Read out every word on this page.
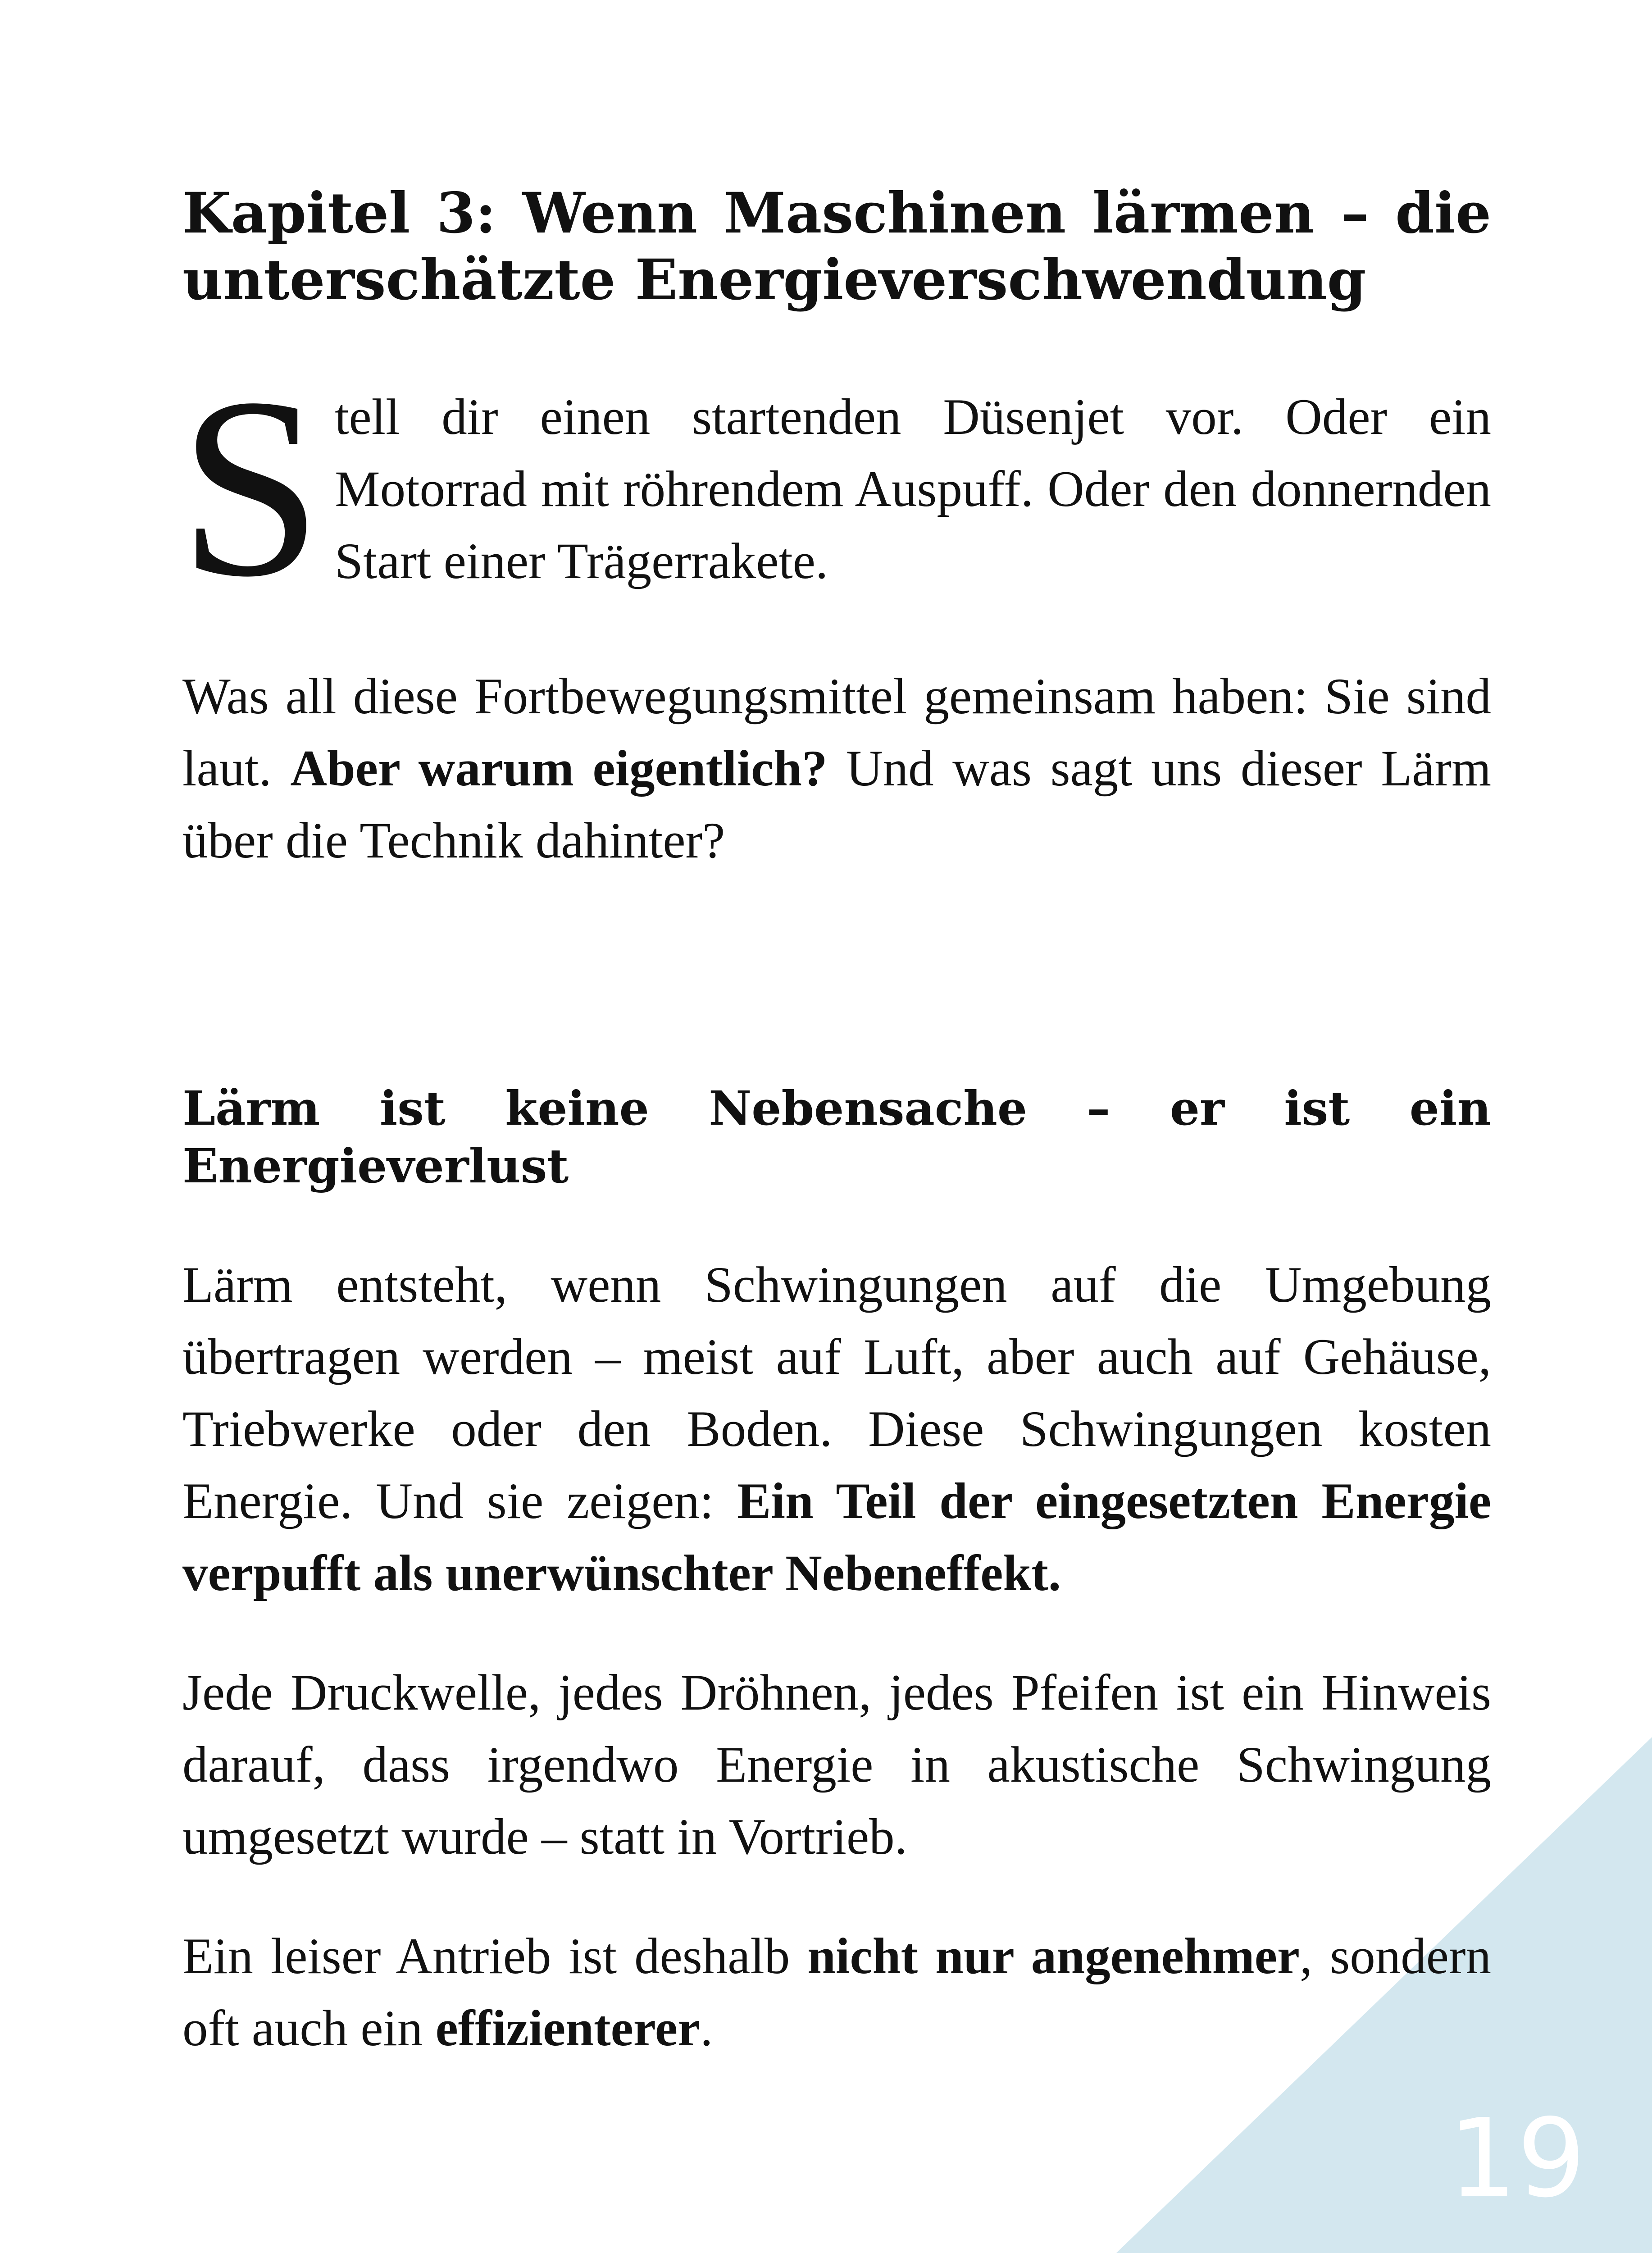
Kapitel 3: Wenn Maschinen lärmen – die unterschätzte Energieverschwendung

Stell dir einen startenden Düsenjet vor. Oder ein Motorrad mit röhrendem Auspuff. Oder den donnernden Start einer Trägerrakete.

Was all diese Fortbewegungsmittel gemeinsam haben: Sie sind laut. Aber warum eigentlich? Und was sagt uns dieser Lärm über die Technik dahinter?

Lärm ist keine Nebensache – er ist ein Energieverlust

Lärm entsteht, wenn Schwingungen auf die Umgebung übertragen werden – meist auf Luft, aber auch auf Gehäuse, Triebwerke oder den Boden. Diese Schwingungen kosten Energie. Und sie zeigen: Ein Teil der eingesetzten Energie verpufft als unerwünschter Nebeneffekt.

Jede Druckwelle, jedes Dröhnen, jedes Pfeifen ist ein Hinweis darauf, dass irgendwo Energie in akustische Schwingung umgesetzt wurde – statt in Vortrieb.

Ein leiser Antrieb ist deshalb nicht nur angenehmer, sondern oft auch ein effizienterer.

19
